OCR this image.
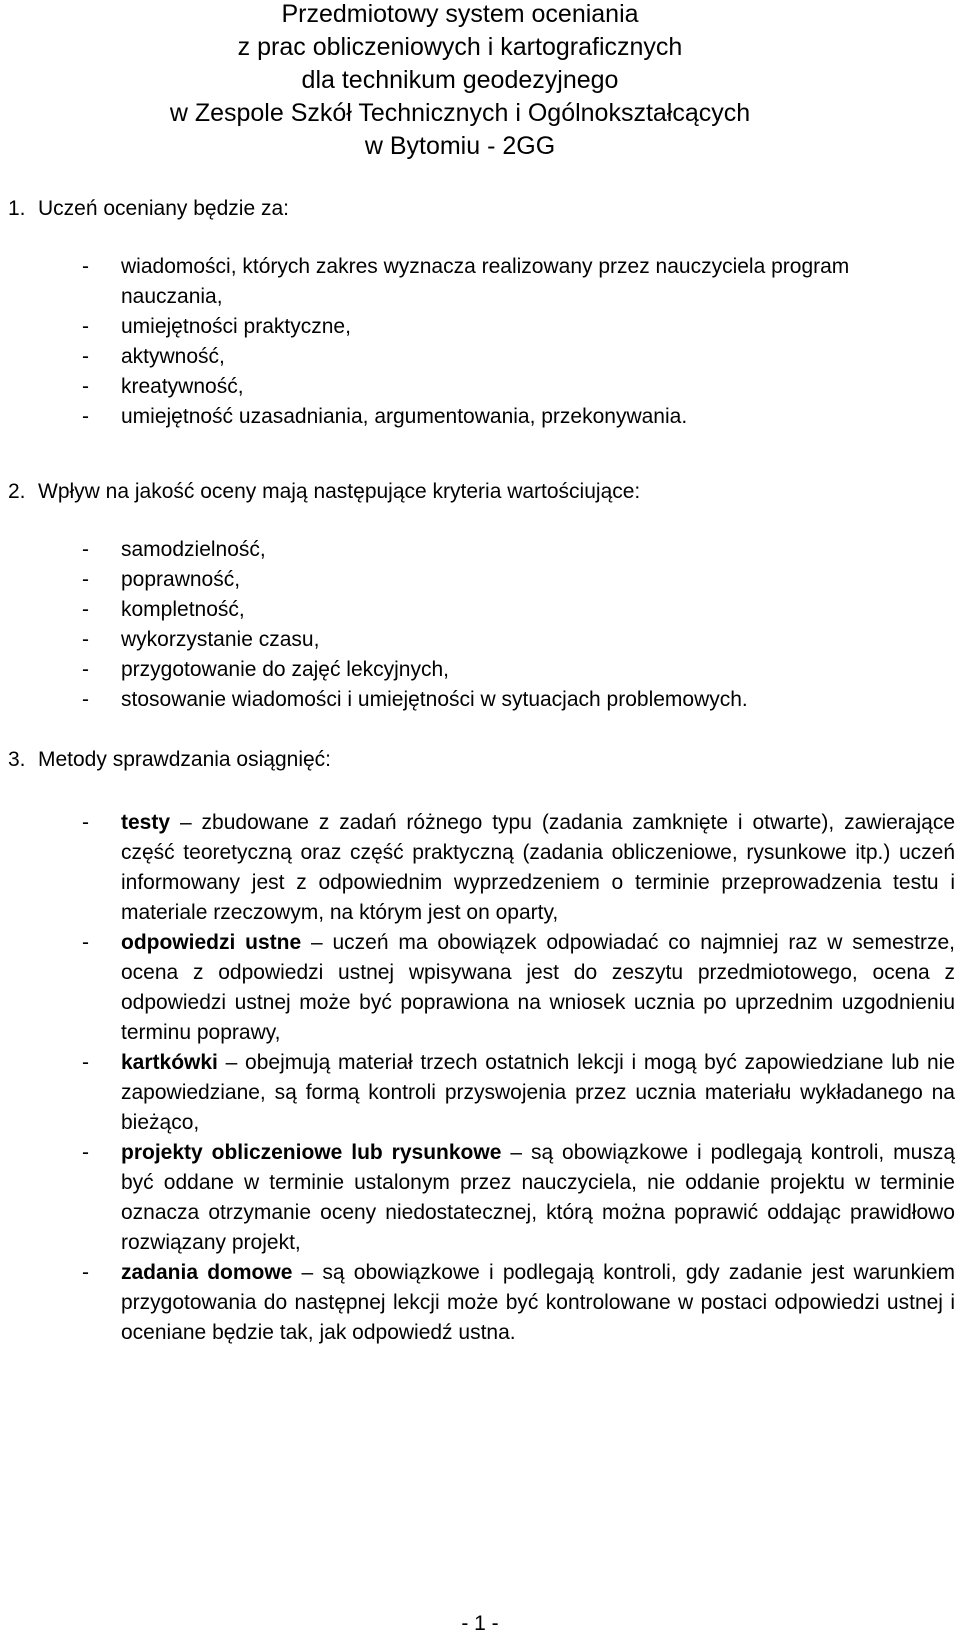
Przedmiotowy system oceniania
z prac obliczeniowych i kartograficznych
dla technikum geodezyjnego
w Zespole Szkół Technicznych i Ogólnokształcących
w Bytomiu - 2GG
1. Uczeń oceniany będzie za:
- wiadomości, których zakres wyznacza realizowany przez nauczyciela program nauczania,
- umiejętności praktyczne,
- aktywność,
- kreatywność,
- umiejętność uzasadniania, argumentowania, przekonywania.
2. Wpływ na jakość oceny mają następujące kryteria wartościujące:
- samodzielność,
- poprawność,
- kompletność,
- wykorzystanie czasu,
- przygotowanie do zajęć lekcyjnych,
- stosowanie wiadomości i umiejętności w sytuacjach problemowych.
3. Metody sprawdzania osiągnięć:
- testy – zbudowane z zadań różnego typu (zadania zamknięte i otwarte), zawierające część teoretyczną oraz część praktyczną (zadania obliczeniowe, rysunkowe itp.) uczeń informowany jest z odpowiednim wyprzedzeniem o terminie przeprowadzenia testu i materiale rzeczowym, na którym jest on oparty,
- odpowiedzi ustne – uczeń ma obowiązek odpowiadać co najmniej raz w semestrze, ocena z odpowiedzi ustnej wpisywana jest do zeszytu przedmiotowego, ocena z odpowiedzi ustnej może być poprawiona na wniosek ucznia po uprzednim uzgodnieniu terminu poprawy,
- kartkówki – obejmują materiał trzech ostatnich lekcji i mogą być zapowiedziane lub nie zapowiedziane, są formą kontroli przyswojenia przez ucznia materiału wykładanego na bieżąco,
- projekty obliczeniowe lub rysunkowe – są obowiązkowe i podlegają kontroli, muszą być oddane w terminie ustalonym przez nauczyciela, nie oddanie projektu w terminie oznacza otrzymanie oceny niedostatecznej, którą można poprawić oddając prawidłowo rozwiązany projekt,
- zadania domowe – są obowiązkowe i podlegają kontroli, gdy zadanie jest warunkiem przygotowania do następnej lekcji może być kontrolowane w postaci odpowiedzi ustnej i oceniane będzie tak, jak odpowiedź ustna.
- 1 -
